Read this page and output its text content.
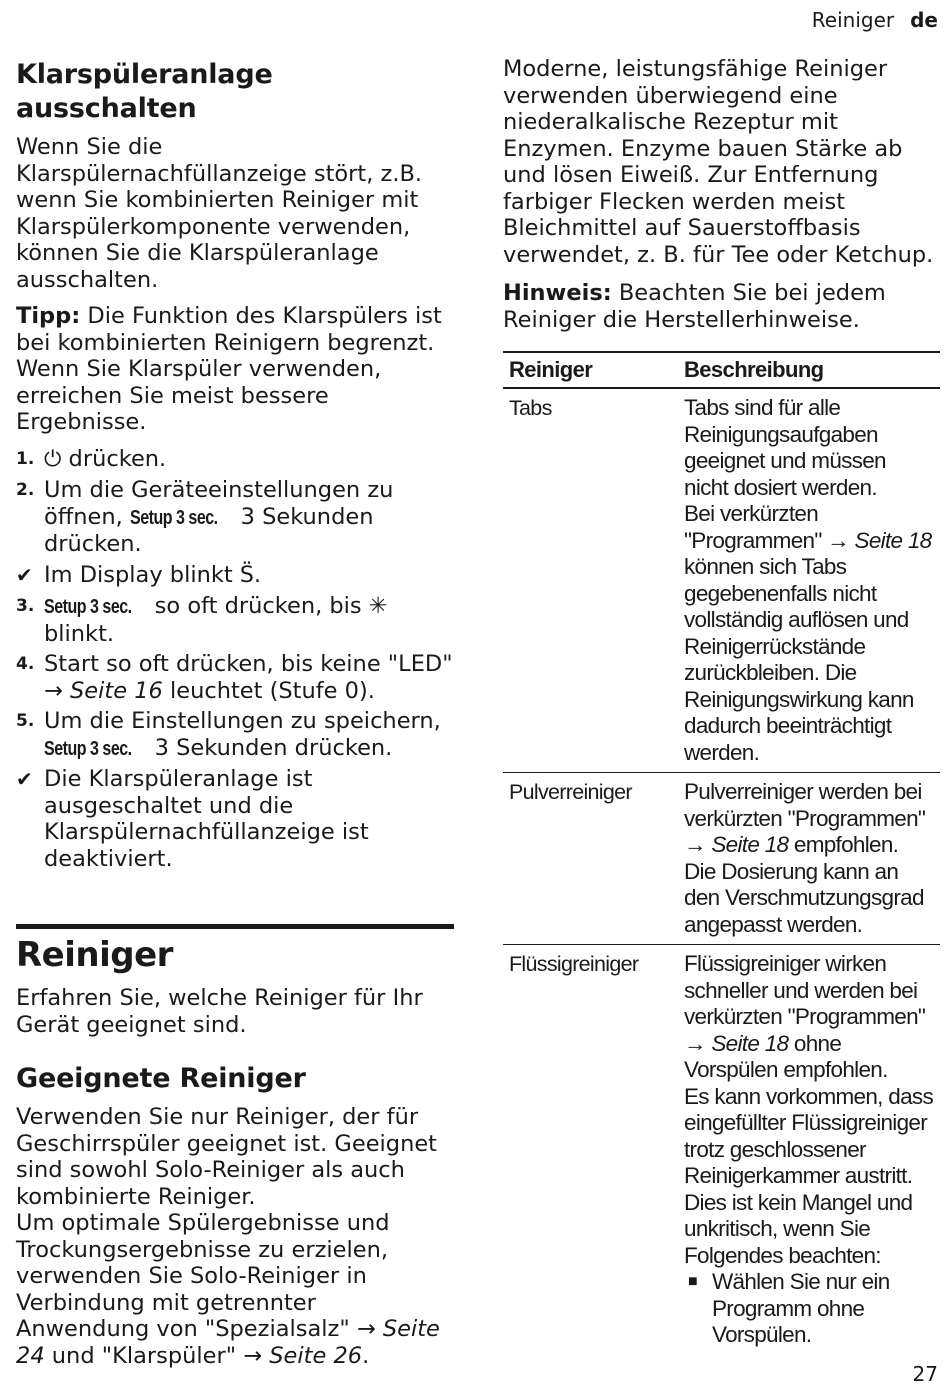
Reiniger de
Klarspüleranlage ausschalten

Wenn Sie die Klarspülernachfüllanzeige stört, z.B. wenn Sie kombinierten Reiniger mit Klarspülerkomponente verwenden, können Sie die Klarspüleranlage ausschalten.

Tipp: Die Funktion des Klarspülers ist bei kombinierten Reinigern begrenzt. Wenn Sie Klarspüler verwenden, erreichen Sie meist bessere Ergebnisse.

1. ⏻ drücken.
2. Um die Geräteeinstellungen zu öffnen, Setup 3 sec. 3 Sekunden drücken.
✔ Im Display blinkt S̈.
3. Setup 3 sec. so oft drücken, bis ✳ blinkt.
4. Start so oft drücken, bis keine "LED" → Seite 16 leuchtet (Stufe 0).
5. Um die Einstellungen zu speichern, Setup 3 sec. 3 Sekunden drücken.
✔ Die Klarspüleranlage ist ausgeschaltet und die Klarspülernachfüllanzeige ist deaktiviert.
Reiniger

Erfahren Sie, welche Reiniger für Ihr Gerät geeignet sind.

Geeignete Reiniger

Verwenden Sie nur Reiniger, der für Geschirrspüler geeignet ist. Geeignet sind sowohl Solo-Reiniger als auch kombinierte Reiniger.

Um optimale Spülergebnisse und Trockungsergebnisse zu erzielen, verwenden Sie Solo-Reiniger in Verbindung mit getrennter Anwendung von "Spezialsalz" → Seite 24 und "Klarspüler" → Seite 26.

Moderne, leistungsfähige Reiniger verwenden überwiegend eine niederalkalische Rezeptur mit Enzymen. Enzyme bauen Stärke ab und lösen Eiweiß. Zur Entfernung farbiger Flecken werden meist Bleichmittel auf Sauerstoffbasis verwendet, z. B. für Tee oder Ketchup.

Hinweis: Beachten Sie bei jedem Reiniger die Herstellerhinweise.

Reiniger	Beschreibung
Tabs	Tabs sind für alle Reinigungsaufgaben geeignet und müssen nicht dosiert werden.

Bei verkürzten "Programmen" → Seite 18 können sich Tabs gegebenenfalls nicht vollständig auflösen und Reinigerrückstände zurückbleiben. Die Reinigungswirkung kann dadurch beeinträchtigt werden.

Pulverreiniger	Pulverreiniger werden bei verkürzten "Programmen" → Seite 18 empfohlen.

Die Dosierung kann an den Verschmutzungsgrad angepasst werden.

Flüssigreiniger	Flüssigreiniger wirken schneller und werden bei verkürzten "Programmen" → Seite 18 ohne Vorspülen empfohlen.

Es kann vorkommen, dass eingefüllter Flüssigreiniger trotz geschlossener Reinigerkammer austritt. Dies ist kein Mangel und unkritisch, wenn Sie Folgendes beachten:

■ Wählen Sie nur ein Programm ohne Vorspülen.

27
